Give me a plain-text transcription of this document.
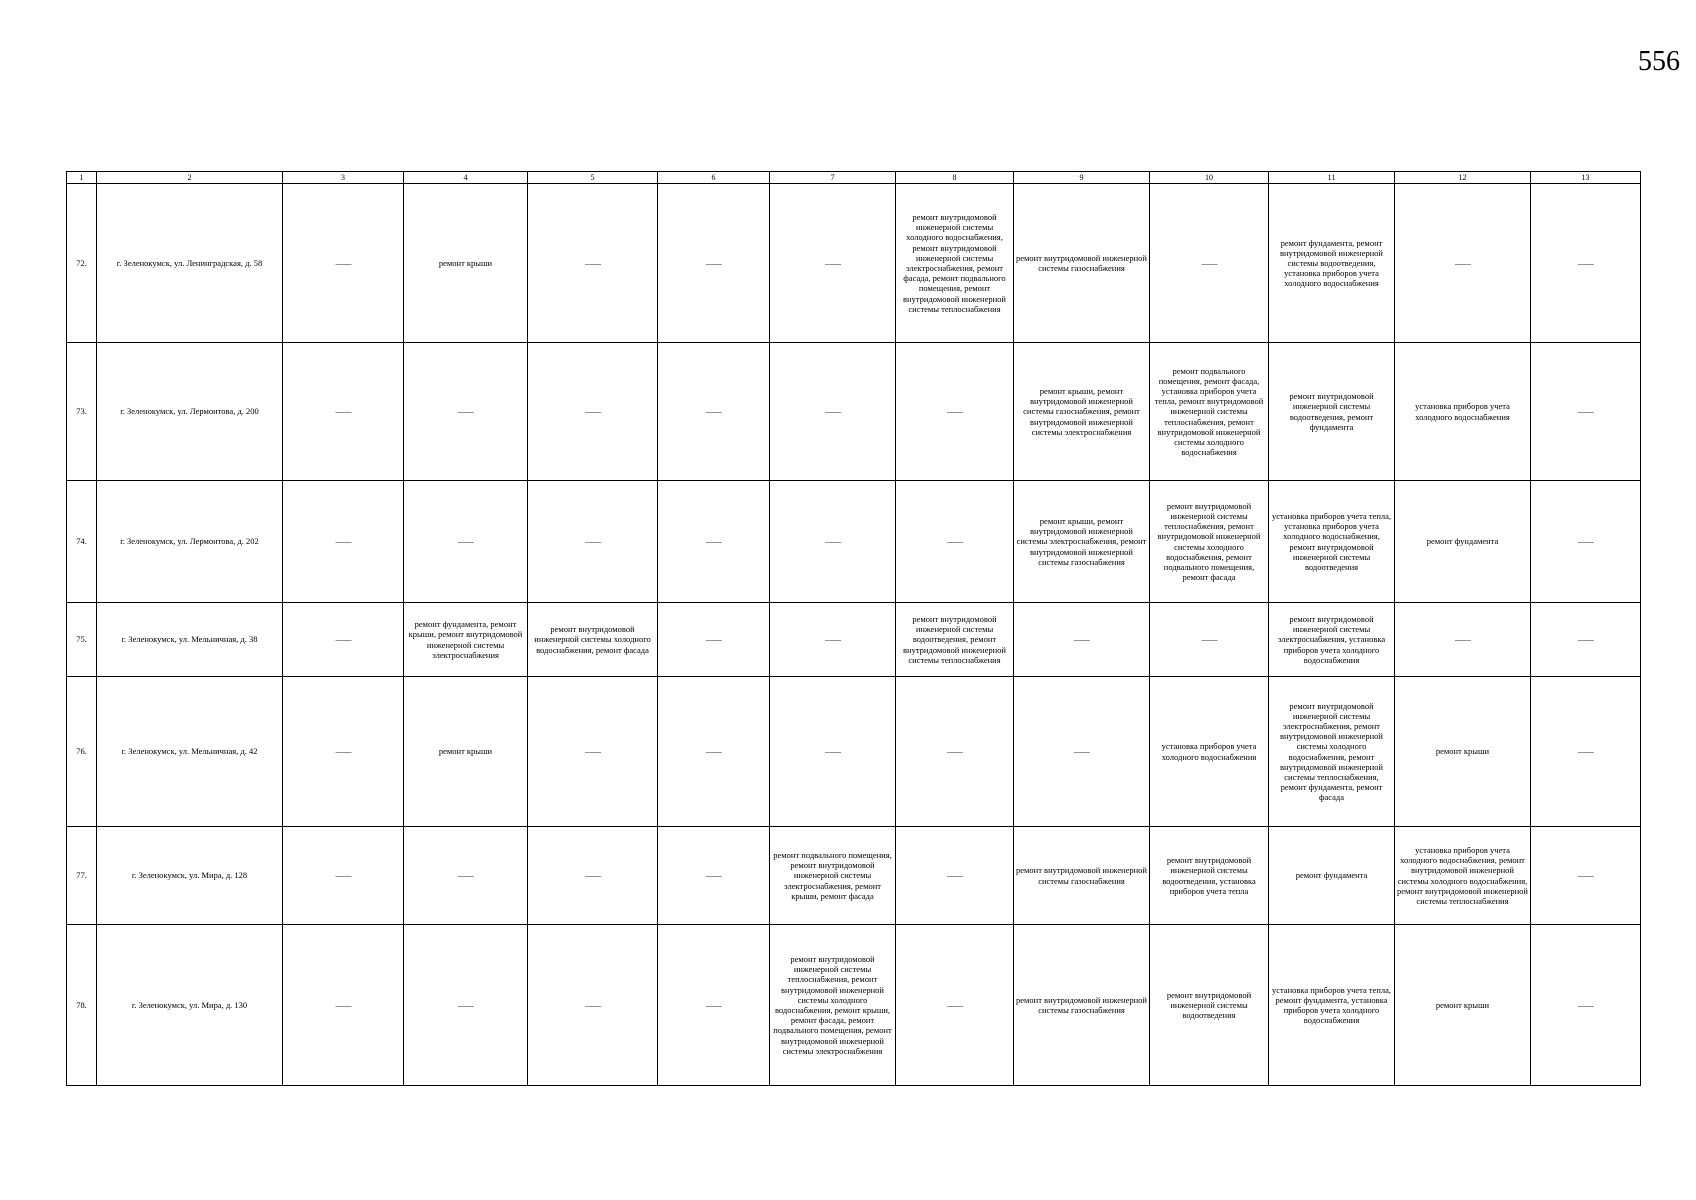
556
1	2	3	4	5	6	7	8	9	10	11	12	13
72.	г. Зеленокумск, ул. Ленинградская, д. 58	——	ремонт крыши	——	——	——	ремонт внутридомовой инженерной системы холодного водоснабжения, ремонт внутридомовой инженерной системы электроснабжения, ремонт фасада, ремонт подвального помещения, ремонт внутридомовой инженерной системы теплоснабжения	ремонт внутридомовой инженерной системы газоснабжения	——	ремонт фундамента, ремонт внутридомовой инженерной системы водоотведения, установка приборов учета холодного водоснабжения	——	——
73.	г. Зеленокумск, ул. Лермонтова, д. 200	——	——	——	——	——	——	ремонт крыши, ремонт внутридомовой инженерной системы газоснабжения, ремонт внутридомовой инженерной системы электроснабжения	ремонт подвального помещения, ремонт фасада, установка приборов учета тепла, ремонт внутридомовой инженерной системы теплоснабжения, ремонт внутридомовой инженерной системы холодного водоснабжения	ремонт внутридомовой инженерной системы водоотведения, ремонт фундамента	установка приборов учета холодного водоснабжения	——
74.	г. Зеленокумск, ул. Лермонтова, д. 202	——	——	——	——	——	——	ремонт крыши, ремонт внутридомовой инженерной системы электроснабжения, ремонт внутридомовой инженерной системы газоснабжения	ремонт внутридомовой инженерной системы теплоснабжения, ремонт внутридомовой инженерной системы холодного водоснабжения, ремонт подвального помещения, ремонт фасада	установка приборов учета тепла, установка приборов учета холодного водоснабжения, ремонт внутридомовой инженерной системы водоотведения	ремонт фундамента	——
75.	г. Зеленокумск, ул. Мельничная, д. 38	——	ремонт фундамента, ремонт крыши, ремонт внутридомовой инженерной системы электроснабжения	ремонт внутридомовой инженерной системы холодного водоснабжения, ремонт фасада	——	——	ремонт внутридомовой инженерной системы водоотведения, ремонт внутридомовой инженерной системы теплоснабжения	——	——	ремонт внутридомовой инженерной системы электроснабжения, установка приборов учета холодного водоснабжения	——	——
76.	г. Зеленокумск, ул. Мельничная, д. 42	——	ремонт крыши	——	——	——	——	——	установка приборов учета холодного водоснабжения	ремонт внутридомовой инженерной системы электроснабжения, ремонт внутридомовой инженерной системы холодного водоснабжения, ремонт внутридомовой инженерной системы теплоснабжения, ремонт фундамента, ремонт фасада	ремонт крыши	——
77.	г. Зеленокумск, ул. Мира, д. 128	——	——	——	——	ремонт подвального помещения, ремонт внутридомовой инженерной системы электроснабжения, ремонт крыши, ремонт фасада	——	ремонт внутридомовой инженерной системы газоснабжения	ремонт внутридомовой инженерной системы водоотведения, установка приборов учета тепла	ремонт фундамента	установка приборов учета холодного водоснабжения, ремонт внутридомовой инженерной системы холодного водоснабжения, ремонт внутридомовой инженерной системы теплоснабжения	——
78.	г. Зеленокумск, ул. Мира, д. 130	——	——	——	——	ремонт внутридомовой инженерной системы теплоснабжения, ремонт внутридомовой инженерной системы холодного водоснабжения, ремонт крыши, ремонт фасада, ремонт подвального помещения, ремонт внутридомовой инженерной системы электроснабжения	——	ремонт внутридомовой инженерной системы газоснабжения	ремонт внутридомовой инженерной системы водоотведения	установка приборов учета тепла, ремонт фундамента, установка приборов учета холодного водоснабжения	ремонт крыши	——
